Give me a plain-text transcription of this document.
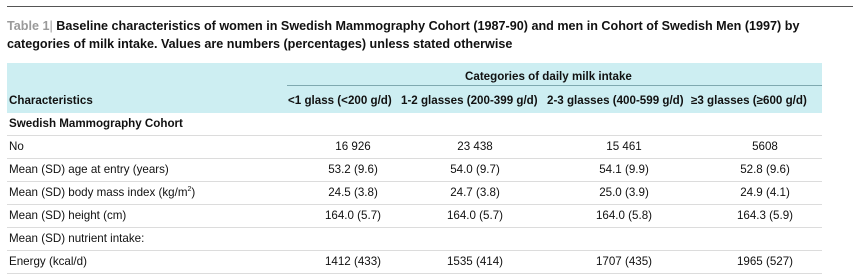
Table 1| Baseline characteristics of women in Swedish Mammography Cohort (1987-90) and men in Cohort of Swedish Men (1997) by categories of milk intake. Values are numbers (percentages) unless stated otherwise
Categories of daily milk intake
Characteristics	<1 glass (<200 g/d) 1-2 glasses (200-399 g/d) 2-3 glasses (400-599 g/d) ≥3 glasses (≥600 g/d)
Swedish Mammography Cohort
No	16 926	23 438	15 461	5608
Mean (SD) age at entry (years)	53.2 (9.6)	54.0 (9.7)	54.1 (9.9)	52.8 (9.6)
Mean (SD) body mass index $(kg/m^2)$	24.5 (3.8)	24.7 (3.8)	25.0 (3.9)	24.9 (4.1)
Mean (SD) height (cm)	164.0 (5.7)	164.0 (5.7)	164.0 (5.8)	164.3 (5.9)
Mean (SD) nutrient intake:
Energy (kcal/d)	1412 (433)	1535 (414)	1707 (435)	1965 (527)
